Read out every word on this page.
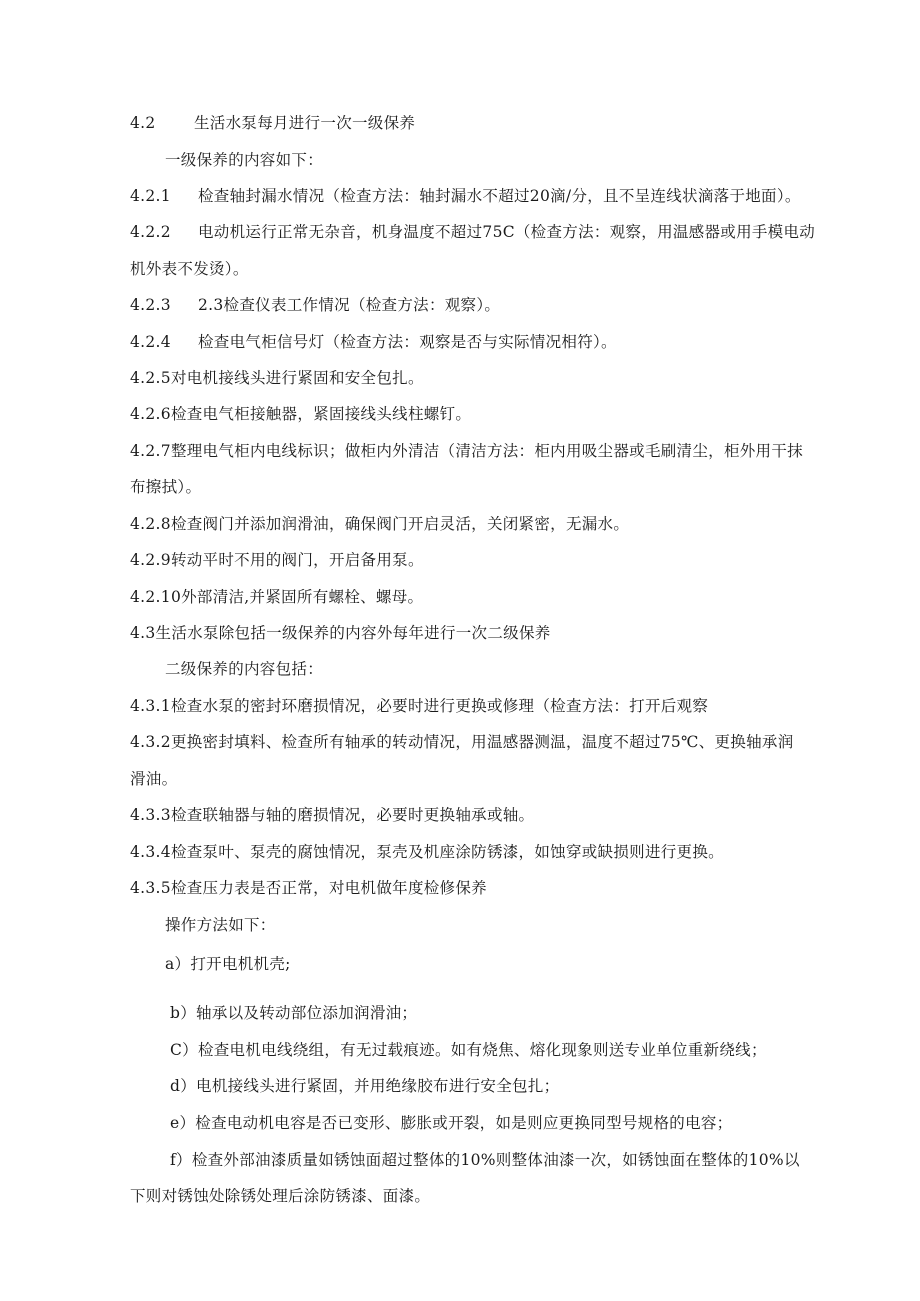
4.2 生活水泵每月进行一次一级保养
一级保养的内容如下：
4.2.1 检查轴封漏水情况（检查方法：轴封漏水不超过20滴/分，且不呈连线状滴落于地面）。
4.2.2 电动机运行正常无杂音，机身温度不超过75C（检查方法：观察，用温感器或用手模电动
机外表不发烫）。
4.2.3 2.3检查仪表工作情况（检查方法：观察）。
4.2.4 检查电气柜信号灯（检查方法：观察是否与实际情况相符）。
4.2.5对电机接线头进行紧固和安全包扎。
4.2.6检查电气柜接触器，紧固接线头线柱螺钉。
4.2.7整理电气柜内电线标识；做柜内外清洁（清洁方法：柜内用吸尘器或毛刷清尘，柜外用干抹
布擦拭）。
4.2.8检查阀门并添加润滑油，确保阀门开启灵活，关闭紧密，无漏水。
4.2.9转动平时不用的阀门，开启备用泵。
4.2.10外部清洁,并紧固所有螺栓、螺母。
4.3生活水泵除包括一级保养的内容外每年进行一次二级保养
二级保养的内容包括：
4.3.1检查水泵的密封环磨损情况，必要时进行更换或修理（检查方法：打开后观察
4.3.2更换密封填料、检查所有轴承的转动情况，用温感器测温，温度不超过75℃、更换轴承润
滑油。
4.3.3检查联轴器与轴的磨损情况，必要时更换轴承或轴。
4.3.4检查泵叶、泵壳的腐蚀情况，泵壳及机座涂防锈漆，如蚀穿或缺损则进行更换。
4.3.5检查压力表是否正常，对电机做年度检修保养
操作方法如下：
a）打开电机机壳;
b）轴承以及转动部位添加润滑油；
C）检查电机电线绕组，有无过载痕迹。如有烧焦、熔化现象则送专业单位重新绕线；
d）电机接线头进行紧固，并用绝缘胶布进行安全包扎；
e）检查电动机电容是否已变形、膨胀或开裂，如是则应更换同型号规格的电容；
f）检查外部油漆质量如锈蚀面超过整体的10%则整体油漆一次，如锈蚀面在整体的10%以
下则对锈蚀处除锈处理后涂防锈漆、面漆。
